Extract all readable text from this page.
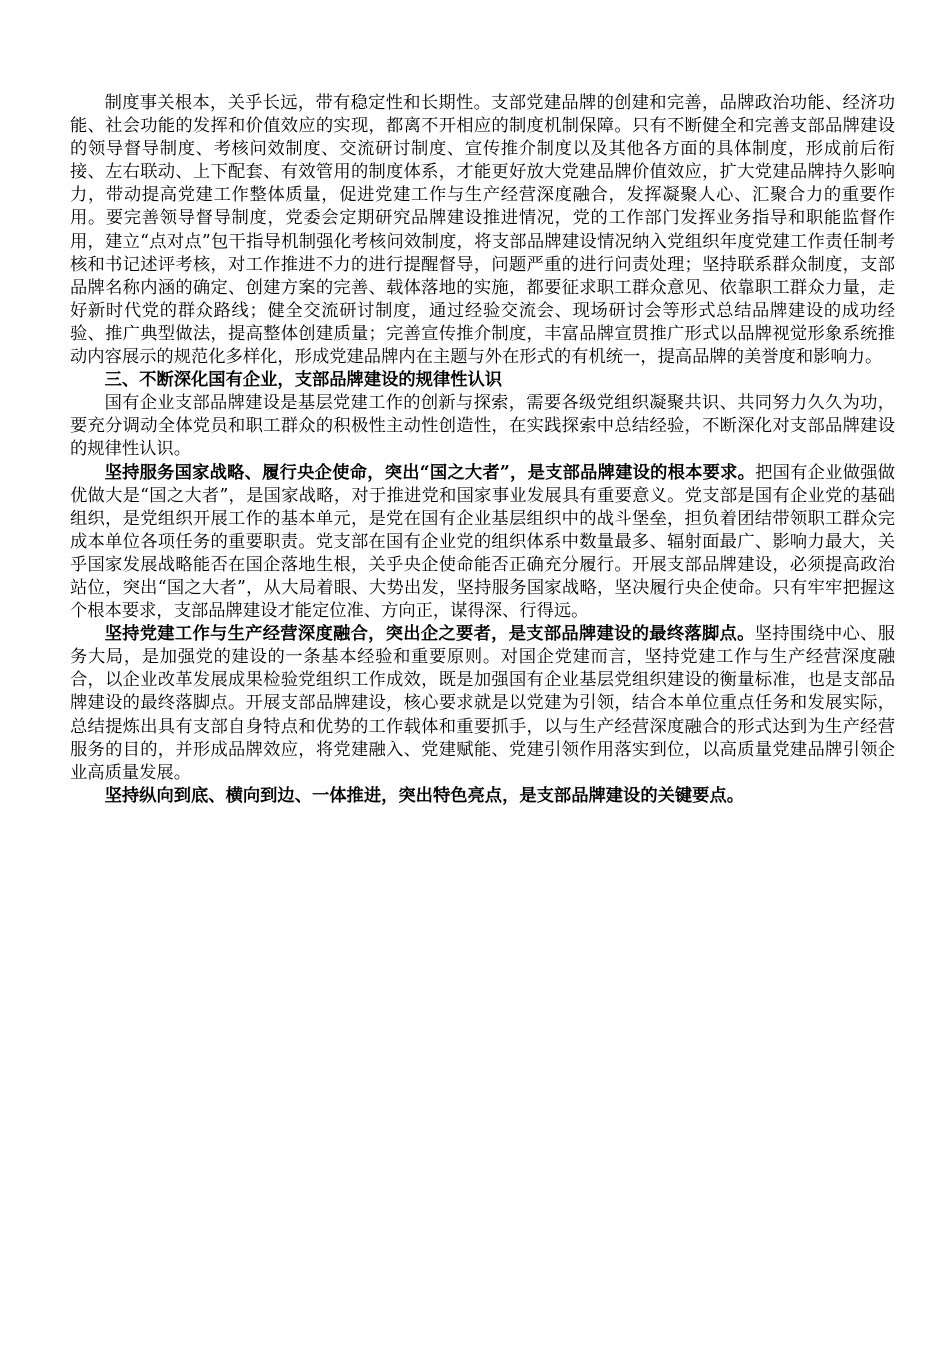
制度事关根本，关乎长远，带有稳定性和长期性。支部党建品牌的创建和完善，品牌政治功能、经济功能、社会功能的发挥和价值效应的实现，都离不开相应的制度机制保障。只有不断健全和完善支部品牌建设的领导督导制度、考核问效制度、交流研讨制度、宣传推介制度以及其他各方面的具体制度，形成前后衔接、左右联动、上下配套、有效管用的制度体系，才能更好放大党建品牌价值效应，扩大党建品牌持久影响力，带动提高党建工作整体质量，促进党建工作与生产经营深度融合，发挥凝聚人心、汇聚合力的重要作用。要完善领导督导制度，党委会定期研究品牌建设推进情况，党的工作部门发挥业务指导和职能监督作用，建立“点对点”包干指导机制强化考核问效制度，将支部品牌建设情况纳入党组织年度党建工作责任制考核和书记述评考核，对工作推进不力的进行提醒督导，问题严重的进行问责处理；坚持联系群众制度，支部品牌名称内涵的确定、创建方案的完善、载体落地的实施，都要征求职工群众意见、依靠职工群众力量，走好新时代党的群众路线；健全交流研讨制度，通过经验交流会、现场研讨会等形式总结品牌建设的成功经验、推广典型做法，提高整体创建质量；完善宣传推介制度，丰富品牌宣贯推广形式以品牌视觉形象系统推动内容展示的规范化多样化，形成党建品牌内在主题与外在形式的有机统一，提高品牌的美誉度和影响力。

三、不断深化国有企业，支部品牌建设的规律性认识

国有企业支部品牌建设是基层党建工作的创新与探索，需要各级党组织凝聚共识、共同努力久久为功，要充分调动全体党员和职工群众的积极性主动性创造性，在实践探索中总结经验，不断深化对支部品牌建设的规律性认识。

坚持服务国家战略、履行央企使命，突出“国之大者”，是支部品牌建设的根本要求。把国有企业做强做优做大是“国之大者”，是国家战略，对于推进党和国家事业发展具有重要意义。党支部是国有企业党的基础组织，是党组织开展工作的基本单元，是党在国有企业基层组织中的战斗堡垒，担负着团结带领职工群众完成本单位各项任务的重要职责。党支部在国有企业党的组织体系中数量最多、辐射面最广、影响力最大，关乎国家发展战略能否在国企落地生根，关乎央企使命能否正确充分履行。开展支部品牌建设，必须提高政治站位，突出“国之大者”，从大局着眼、大势出发，坚持服务国家战略，坚决履行央企使命。只有牢牢把握这个根本要求，支部品牌建设才能定位准、方向正，谋得深、行得远。

坚持党建工作与生产经营深度融合，突出企之要者，是支部品牌建设的最终落脚点。坚持围绕中心、服务大局，是加强党的建设的一条基本经验和重要原则。对国企党建而言，坚持党建工作与生产经营深度融合，以企业改革发展成果检验党组织工作成效，既是加强国有企业基层党组织建设的衡量标准，也是支部品牌建设的最终落脚点。开展支部品牌建设，核心要求就是以党建为引领，结合本单位重点任务和发展实际，总结提炼出具有支部自身特点和优势的工作载体和重要抓手，以与生产经营深度融合的形式达到为生产经营服务的目的，并形成品牌效应，将党建融入、党建赋能、党建引领作用落实到位，以高质量党建品牌引领企业高质量发展。

坚持纵向到底、横向到边、一体推进，突出特色亮点，是支部品牌建设的关键要点。
